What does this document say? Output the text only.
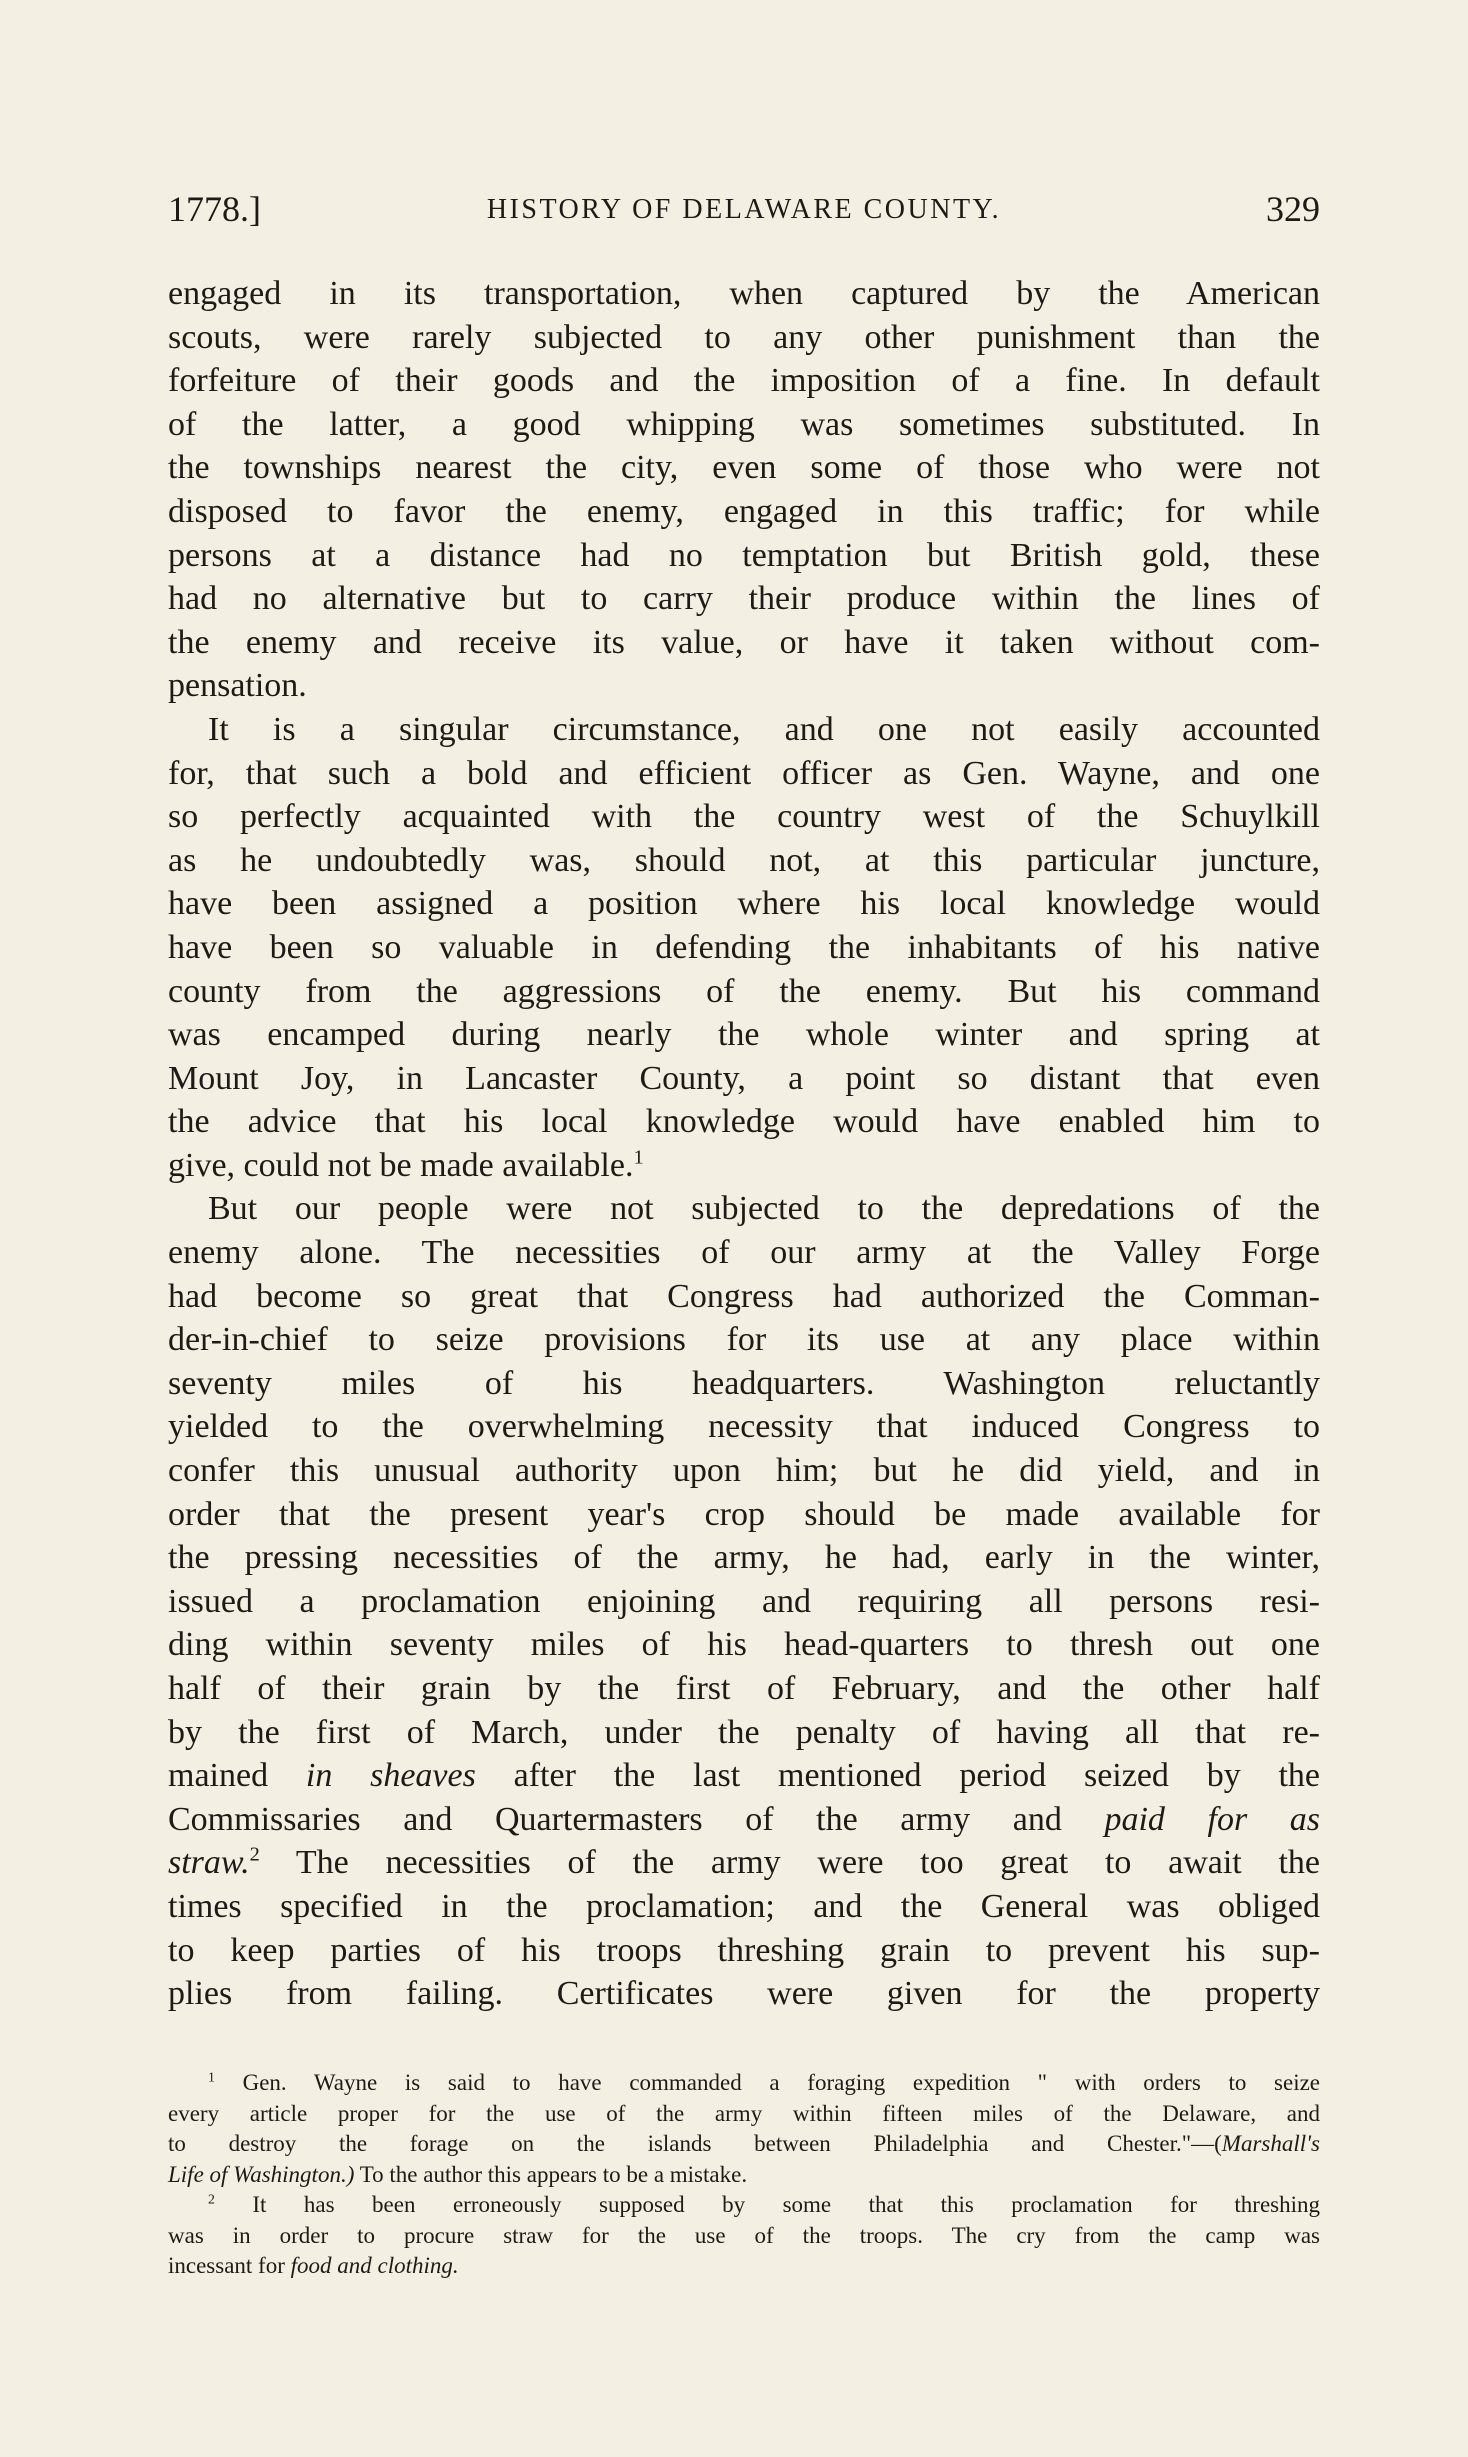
1778.]	HISTORY OF DELAWARE COUNTY.	329
engaged in its transportation, when captured by the American
scouts, were rarely subjected to any other punishment than the
forfeiture of their goods and the imposition of a fine. In default
of the latter, a good whipping was sometimes substituted. In
the townships nearest the city, even some of those who were not
disposed to favor the enemy, engaged in this traffic; for while
persons at a distance had no temptation but British gold, these
had no alternative but to carry their produce within the lines of
the enemy and receive its value, or have it taken without com-
pensation.
It is a singular circumstance, and one not easily accounted
for, that such a bold and efficient officer as Gen. Wayne, and one
so perfectly acquainted with the country west of the Schuylkill
as he undoubtedly was, should not, at this particular juncture,
have been assigned a position where his local knowledge would
have been so valuable in defending the inhabitants of his native
county from the aggressions of the enemy. But his command
was encamped during nearly the whole winter and spring at
Mount Joy, in Lancaster County, a point so distant that even
the advice that his local knowledge would have enabled him to
give, could not be made available.$^1$
But our people were not subjected to the depredations of the
enemy alone. The necessities of our army at the Valley Forge
had become so great that Congress had authorized the Comman-
der-in-chief to seize provisions for its use at any place within
seventy miles of his headquarters. Washington reluctantly
yielded to the overwhelming necessity that induced Congress to
confer this unusual authority upon him; but he did yield, and in
order that the present year's crop should be made available for
the pressing necessities of the army, he had, early in the winter,
issued a proclamation enjoining and requiring all persons resi-
ding within seventy miles of his head-quarters to thresh out one
half of their grain by the first of February, and the other half
by the first of March, under the penalty of having all that re-
mained in sheaves after the last mentioned period seized by the
Commissaries and Quartermasters of the army and paid for as
straw.$^2$ The necessities of the army were too great to await the
times specified in the proclamation; and the General was obliged
to keep parties of his troops threshing grain to prevent his sup-
plies from failing. Certificates were given for the property
$^1$ Gen. Wayne is said to have commanded a foraging expedition " with orders to seize
every article proper for the use of the army within fifteen miles of the Delaware, and
to destroy the forage on the islands between Philadelphia and Chester."—(Marshall's
Life of Washington.) To the author this appears to be a mistake.
$^2$ It has been erroneously supposed by some that this proclamation for threshing
was in order to procure straw for the use of the troops. The cry from the camp was
incessant for food and clothing.
